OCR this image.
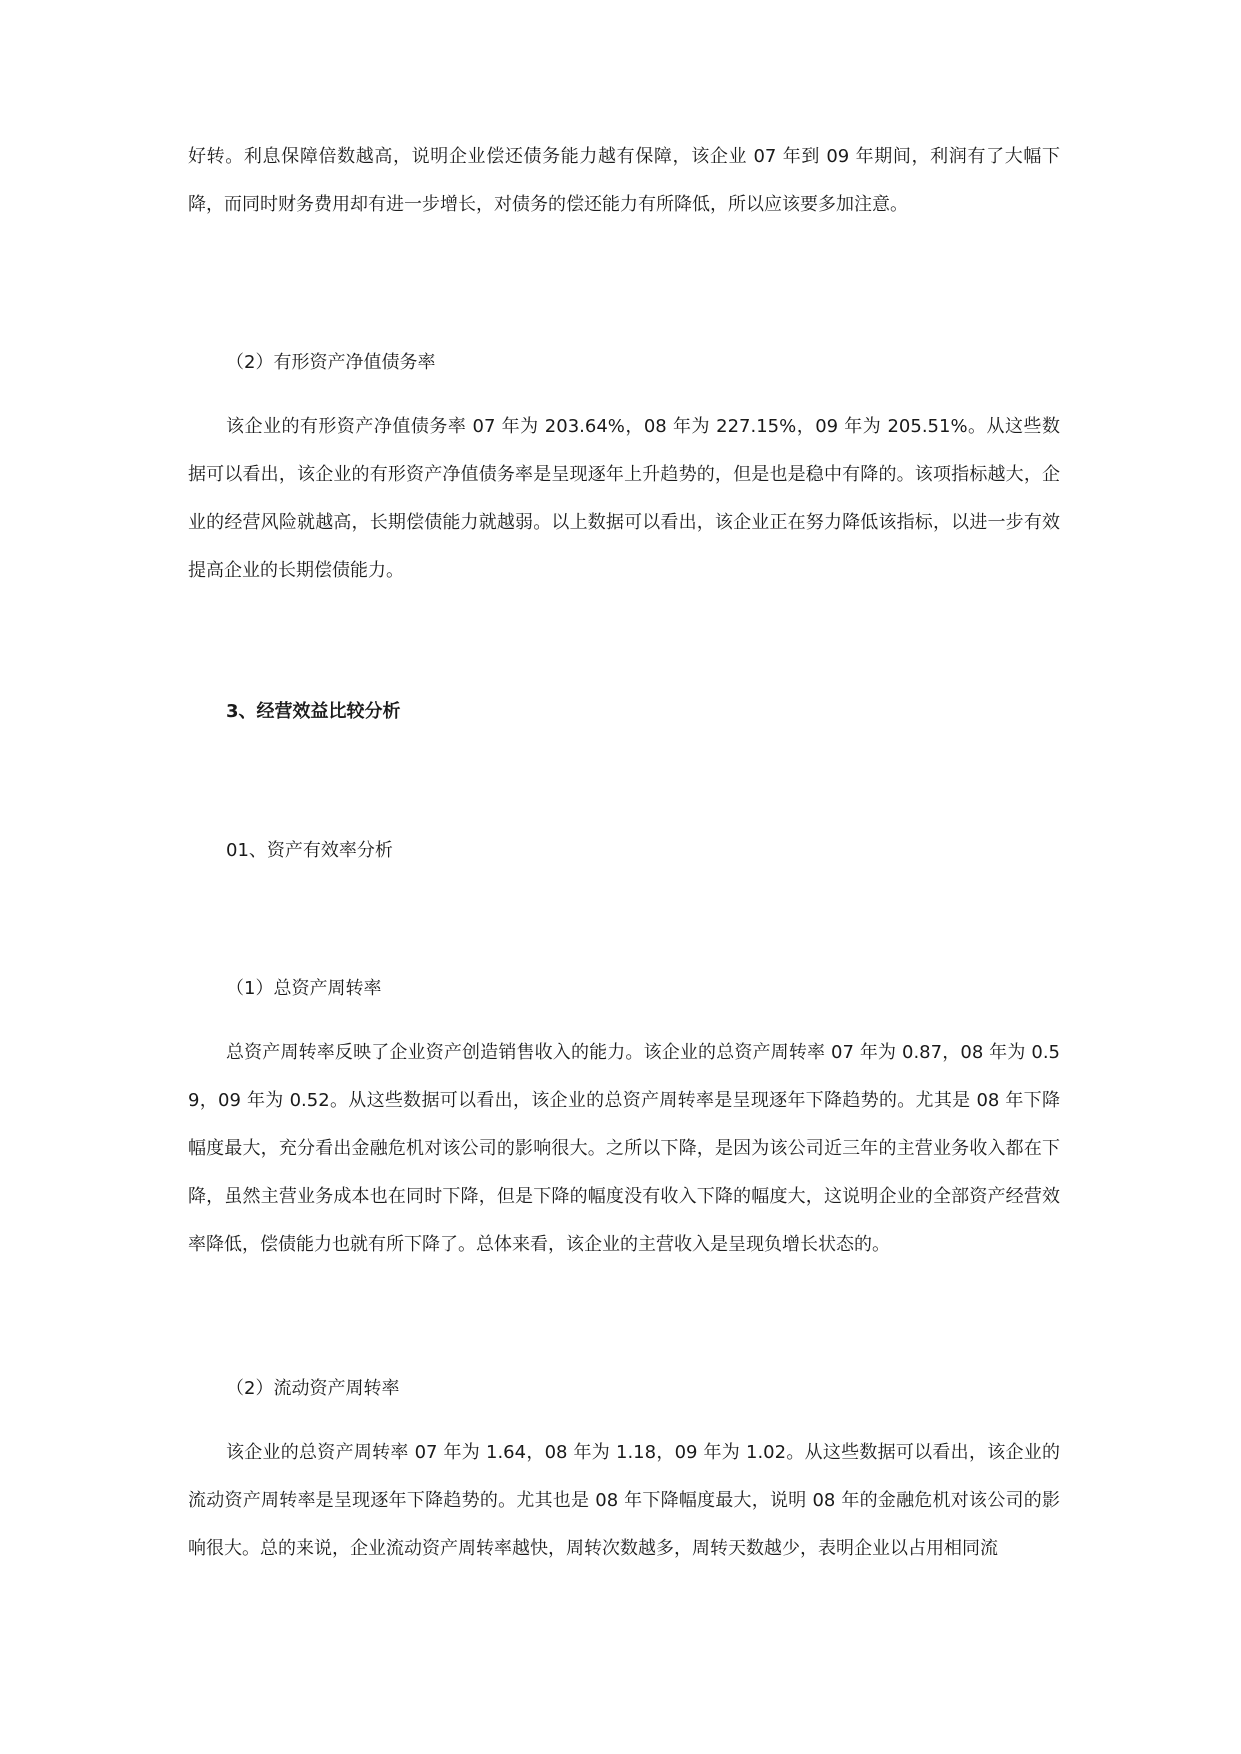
好转。利息保障倍数越高，说明企业偿还债务能力越有保障，该企业 07 年到 09 年期间，利润有了大幅下降，而同时财务费用却有进一步增长，对债务的偿还能力有所降低，所以应该要多加注意。

（2）有形资产净值债务率

该企业的有形资产净值债务率 07 年为 203.64%，08 年为 227.15%，09 年为 205.51%。从这些数据可以看出，该企业的有形资产净值债务率是呈现逐年上升趋势的，但是也是稳中有降的。该项指标越大，企业的经营风险就越高，长期偿债能力就越弱。以上数据可以看出，该企业正在努力降低该指标，以进一步有效提高企业的长期偿债能力。

3、经营效益比较分析
01、资产有效率分析
（1）总资产周转率

总资产周转率反映了企业资产创造销售收入的能力。该企业的总资产周转率 07 年为 0.87，08 年为 0.59，09 年为 0.52。从这些数据可以看出，该企业的总资产周转率是呈现逐年下降趋势的。尤其是 08 年下降幅度最大，充分看出金融危机对该公司的影响很大。之所以下降，是因为该公司近三年的主营业务收入都在下降，虽然主营业务成本也在同时下降，但是下降的幅度没有收入下降的幅度大，这说明企业的全部资产经营效率降低，偿债能力也就有所下降了。总体来看，该企业的主营收入是呈现负增长状态的。

（2）流动资产周转率

该企业的总资产周转率 07 年为 1.64，08 年为 1.18，09 年为 1.02。从这些数据可以看出，该企业的流动资产周转率是呈现逐年下降趋势的。尤其也是 08 年下降幅度最大，说明 08 年的金融危机对该公司的影响很大。总的来说，企业流动资产周转率越快，周转次数越多，周转天数越少，表明企业以占用相同流
